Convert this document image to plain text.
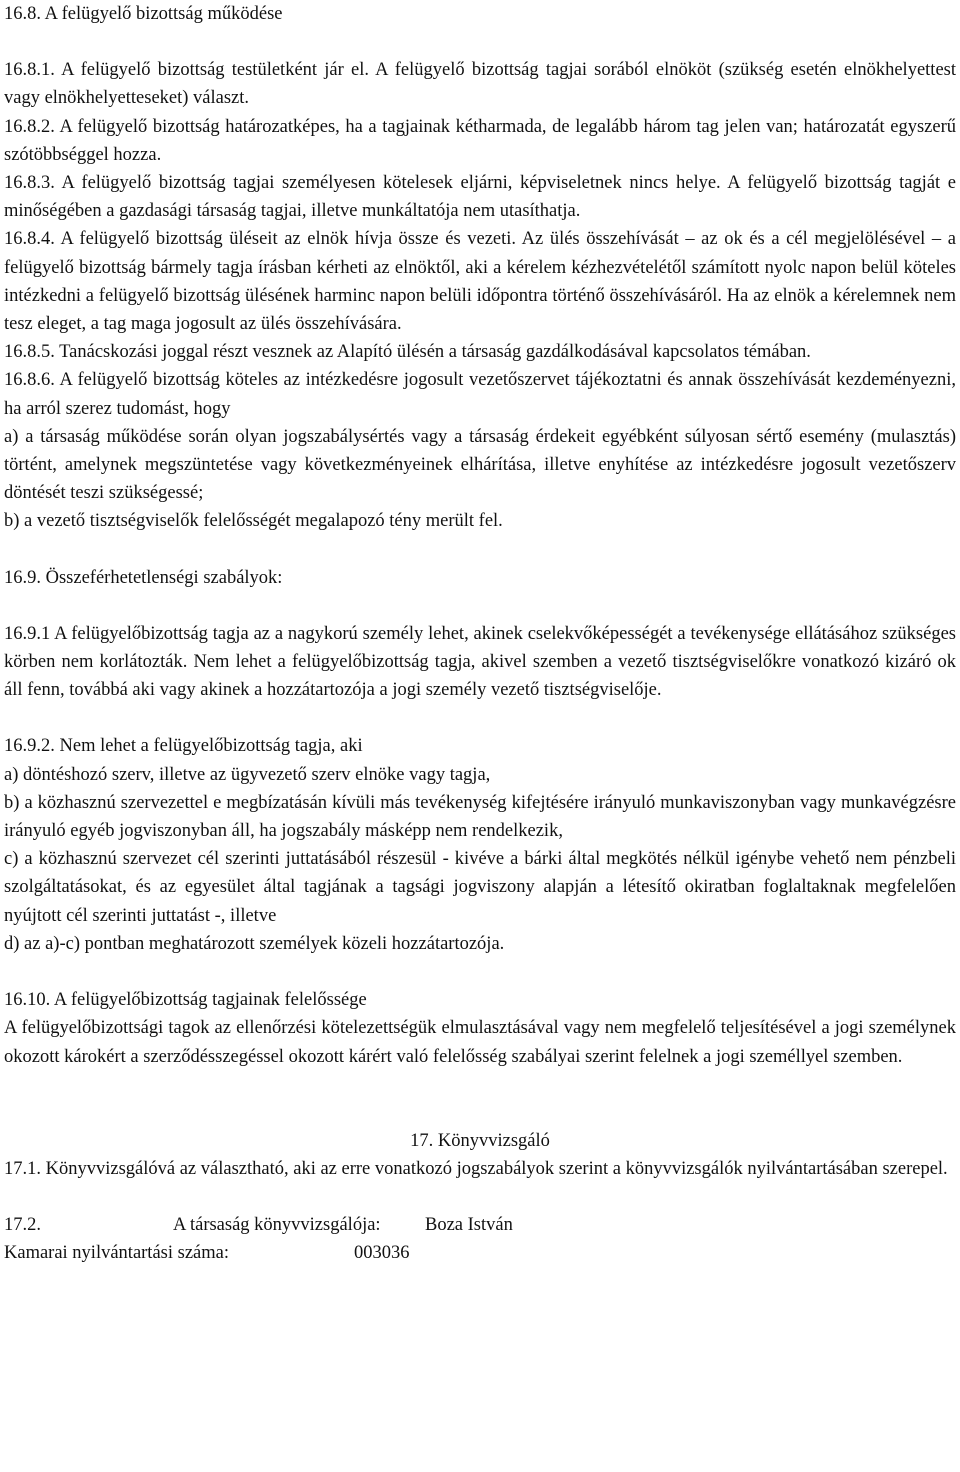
16.8. A felügyelő bizottság működése

16.8.1. A felügyelő bizottság testületként jár el. A felügyelő bizottság tagjai sorából elnököt (szükség esetén elnökhelyettest vagy elnökhelyetteseket) választ.

16.8.2. A felügyelő bizottság határozatképes, ha a tagjainak kétharmada, de legalább három tag jelen van; határozatát egyszerű szótöbbséggel hozza.

16.8.3. A felügyelő bizottság tagjai személyesen kötelesek eljárni, képviseletnek nincs helye. A felügyelő bizottság tagját e minőségében a gazdasági társaság tagjai, illetve munkáltatója nem utasíthatja.

16.8.4. A felügyelő bizottság üléseit az elnök hívja össze és vezeti. Az ülés összehívását – az ok és a cél megjelölésével – a felügyelő bizottság bármely tagja írásban kérheti az elnöktől, aki a kérelem kézhezvételétől számított nyolc napon belül köteles intézkedni a felügyelő bizottság ülésének harminc napon belüli időpontra történő összehívásáról. Ha az elnök a kérelemnek nem tesz eleget, a tag maga jogosult az ülés összehívására.

16.8.5. Tanácskozási joggal részt vesznek az Alapító ülésén a társaság gazdálkodásával kapcsolatos témában.

16.8.6. A felügyelő bizottság köteles az intézkedésre jogosult vezetőszervet tájékoztatni és annak összehívását kezdeményezni, ha arról szerez tudomást, hogy

a) a társaság működése során olyan jogszabálysértés vagy a társaság érdekeit egyébként súlyosan sértő esemény (mulasztás) történt, amelynek megszüntetése vagy következményeinek elhárítása, illetve enyhítése az intézkedésre jogosult vezetőszerv döntését teszi szükségessé;

b) a vezető tisztségviselők felelősségét megalapozó tény merült fel.

16.9. Összeférhetetlenségi szabályok:

16.9.1 A felügyelőbizottság tagja az a nagykorú személy lehet, akinek cselekvőképességét a tevékenysége ellátásához szükséges körben nem korlátozták. Nem lehet a felügyelőbizottság tagja, akivel szemben a vezető tisztségviselőkre vonatkozó kizáró ok áll fenn, továbbá aki vagy akinek a hozzátartozója a jogi személy vezető tisztségviselője.

16.9.2. Nem lehet a felügyelőbizottság tagja, aki

a) döntéshozó szerv, illetve az ügyvezető szerv elnöke vagy tagja,

b) a közhasznú szervezettel e megbízatásán kívüli más tevékenység kifejtésére irányuló munkaviszonyban vagy munkavégzésre irányuló egyéb jogviszonyban áll, ha jogszabály másképp nem rendelkezik,

c) a közhasznú szervezet cél szerinti juttatásából részesül - kivéve a bárki által megkötés nélkül igénybe vehető nem pénzbeli szolgáltatásokat, és az egyesület által tagjának a tagsági jogviszony alapján a létesítő okiratban foglaltaknak megfelelően nyújtott cél szerinti juttatást -, illetve

d) az a)-c) pontban meghatározott személyek közeli hozzátartozója.

16.10. A felügyelőbizottság tagjainak felelőssége

A felügyelőbizottsági tagok az ellenőrzési kötelezettségük elmulasztásával vagy nem megfelelő teljesítésével a jogi személynek okozott károkért a szerződésszegéssel okozott kárért való felelősség szabályai szerint felelnek a jogi személlyel szemben.

17. Könyvvizsgáló

17.1. Könyvvizsgálóvá az választható, aki az erre vonatkozó jogszabályok szerint a könyvvizsgálók nyilvántartásában szerepel.

17.2.	A társaság könyvvizsgálója:	Boza István
Kamarai nyilvántartási száma:	003036
